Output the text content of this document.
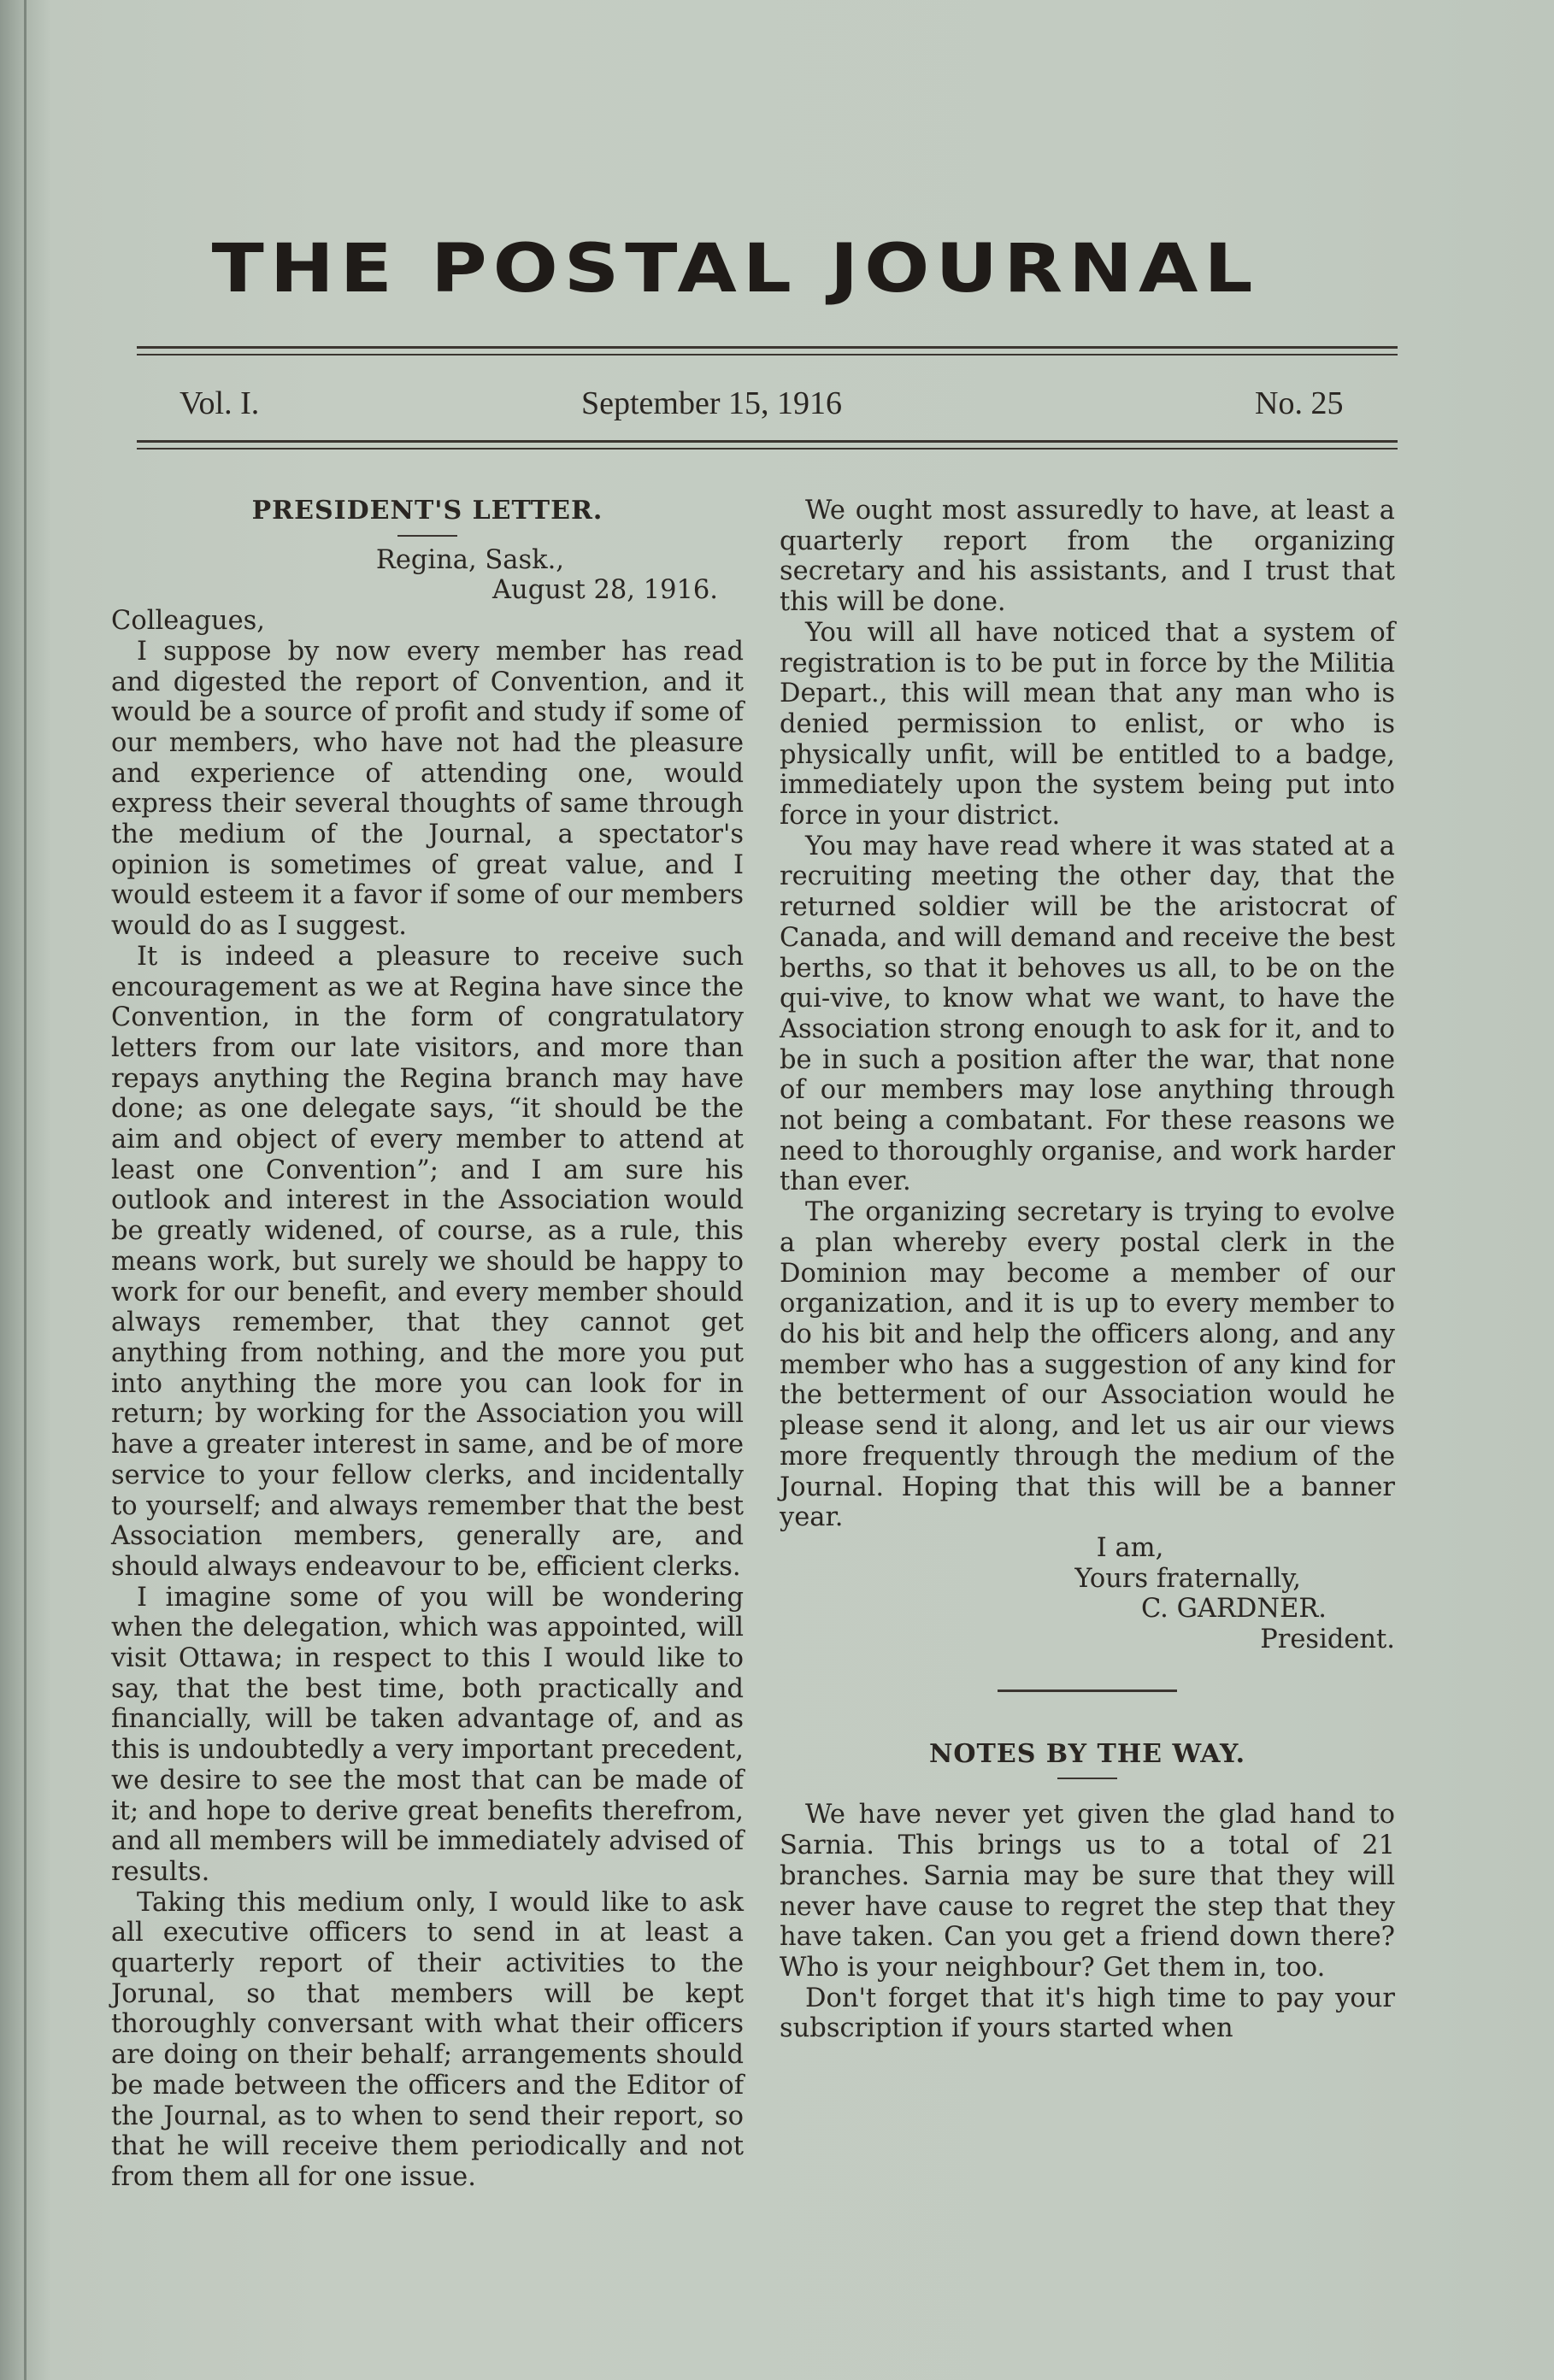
THE POSTAL JOURNAL
Vol. I.	September 15, 1916	No. 25
PRESIDENT'S LETTER.
Regina, Sask.,
August 28, 1916.

Colleagues,

I suppose by now every member has read and digested the report of Convention, and it would be a source of profit and study if some of our members, who have not had the pleasure and experience of attending one, would express their several thoughts of same through the medium of the Journal, a spectator's opinion is sometimes of great value, and I would esteem it a favor if some of our members would do as I suggest.

It is indeed a pleasure to receive such encouragement as we at Regina have since the Convention, in the form of congratulatory letters from our late visitors, and more than repays anything the Regina branch may have done; as one delegate says, “it should be the aim and object of every member to attend at least one Convention”; and I am sure his outlook and interest in the Association would be greatly widened, of course, as a rule, this means work, but surely we should be happy to work for our benefit, and every member should always remember, that they cannot get anything from nothing, and the more you put into anything the more you can look for in return; by working for the Association you will have a greater interest in same, and be of more service to your fellow clerks, and incidentally to yourself; and always remember that the best Association members, generally are, and should always endeavour to be, efficient clerks.

I imagine some of you will be wondering when the delegation, which was appointed, will visit Ottawa; in respect to this I would like to say, that the best time, both practically and financially, will be taken advantage of, and as this is undoubtedly a very important precedent, we desire to see the most that can be made of it; and hope to derive great benefits therefrom, and all members will be immediately advised of results.

Taking this medium only, I would like to ask all executive officers to send in at least a quarterly report of their activities to the Jorunal, so that members will be kept thoroughly conversant with what their officers are doing on their behalf; arrangements should be made between the officers and the Editor of the Journal, as to when to send their report, so that he will receive them periodically and not from them all for one issue.

We ought most assuredly to have, at least a quarterly report from the organizing secretary and his assistants, and I trust that this will be done.

You will all have noticed that a system of registration is to be put in force by the Militia Depart., this will mean that any man who is denied permission to enlist, or who is physically unfit, will be entitled to a badge, immediately upon the system being put into force in your district.

You may have read where it was stated at a recruiting meeting the other day, that the returned soldier will be the aristocrat of Canada, and will demand and receive the best berths, so that it behoves us all, to be on the qui-vive, to know what we want, to have the Association strong enough to ask for it, and to be in such a position after the war, that none of our members may lose anything through not being a combatant. For these reasons we need to thoroughly organise, and work harder than ever.

The organizing secretary is trying to evolve a plan whereby every postal clerk in the Dominion may become a member of our organization, and it is up to every member to do his bit and help the officers along, and any member who has a suggestion of any kind for the betterment of our Association would he please send it along, and let us air our views more frequently through the medium of the Journal. Hoping that this will be a banner year.

I am,
Yours fraternally,
C. GARDNER.
President.
NOTES BY THE WAY.

We have never yet given the glad hand to Sarnia. This brings us to a total of 21 branches. Sarnia may be sure that they will never have cause to regret the step that they have taken. Can you get a friend down there? Who is your neighbour? Get them in, too.

Don't forget that it's high time to pay your subscription if yours started when
